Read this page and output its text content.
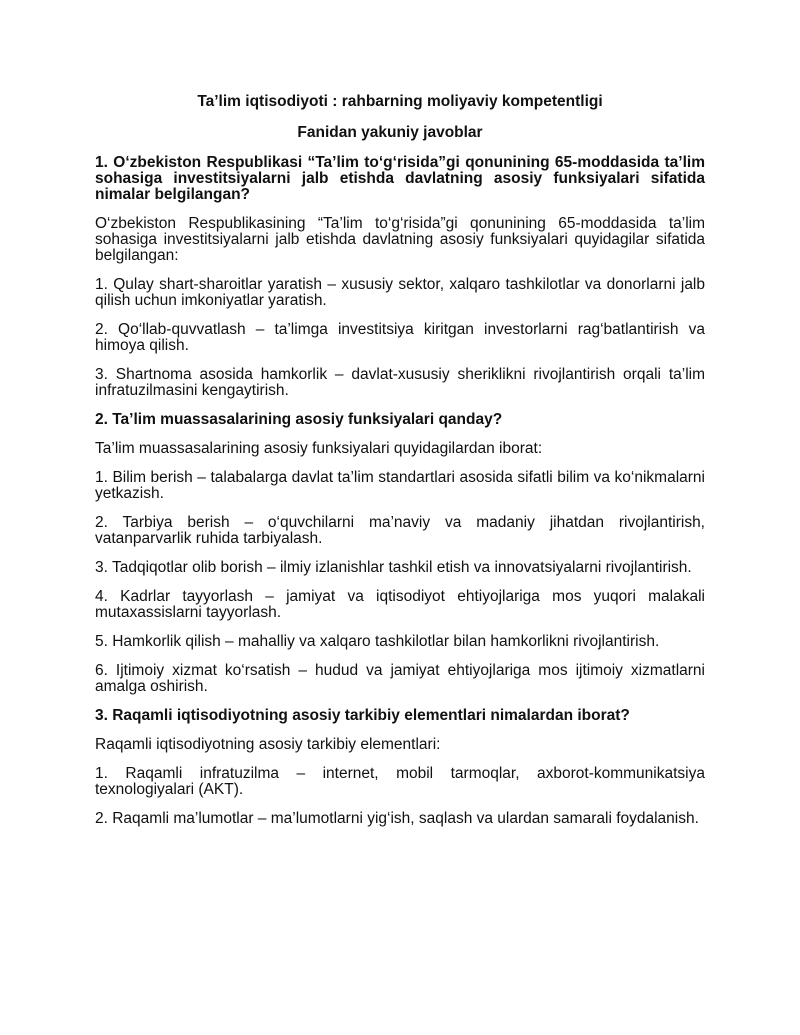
Ta’lim iqtisodiyoti : rahbarning moliyaviy kompetentligi

Fanidan yakuniy javoblar

1. O‘zbekiston Respublikasi “Ta’lim to‘g‘risida”gi qonunining 65-moddasida ta’lim sohasiga investitsiyalarni jalb etishda davlatning asosiy funksiyalari sifatida nimalar belgilangan?

O‘zbekiston Respublikasining “Ta’lim to‘g‘risida”gi qonunining 65-moddasida ta’lim sohasiga investitsiyalarni jalb etishda davlatning asosiy funksiyalari quyidagilar sifatida belgilangan:

1. Qulay shart-sharoitlar yaratish – xususiy sektor, xalqaro tashkilotlar va donorlarni jalb qilish uchun imkoniyatlar yaratish.

2. Qo‘llab-quvvatlash – ta’limga investitsiya kiritgan investorlarni rag‘batlantirish va himoya qilish.

3. Shartnoma asosida hamkorlik – davlat-xususiy sheriklikni rivojlantirish orqali ta’lim infratuzilmasini kengaytirish.

2. Ta’lim muassasalarining asosiy funksiyalari qanday?

Ta’lim muassasalarining asosiy funksiyalari quyidagilardan iborat:

1. Bilim berish – talabalarga davlat ta’lim standartlari asosida sifatli bilim va ko‘nikmalarni yetkazish.

2. Tarbiya berish – o‘quvchilarni ma’naviy va madaniy jihatdan rivojlantirish, vatanparvarlik ruhida tarbiyalash.

3. Tadqiqotlar olib borish – ilmiy izlanishlar tashkil etish va innovatsiyalarni rivojlantirish.

4. Kadrlar tayyorlash – jamiyat va iqtisodiyot ehtiyojlariga mos yuqori malakali mutaxassislarni tayyorlash.

5. Hamkorlik qilish – mahalliy va xalqaro tashkilotlar bilan hamkorlikni rivojlantirish.

6. Ijtimoiy xizmat ko‘rsatish – hudud va jamiyat ehtiyojlariga mos ijtimoiy xizmatlarni amalga oshirish.

3. Raqamli iqtisodiyotning asosiy tarkibiy elementlari nimalardan iborat?

Raqamli iqtisodiyotning asosiy tarkibiy elementlari:

1. Raqamli infratuzilma – internet, mobil tarmoqlar, axborot-kommunikatsiya texnologiyalari (AKT).

2. Raqamli ma’lumotlar – ma’lumotlarni yig‘ish, saqlash va ulardan samarali foydalanish.
